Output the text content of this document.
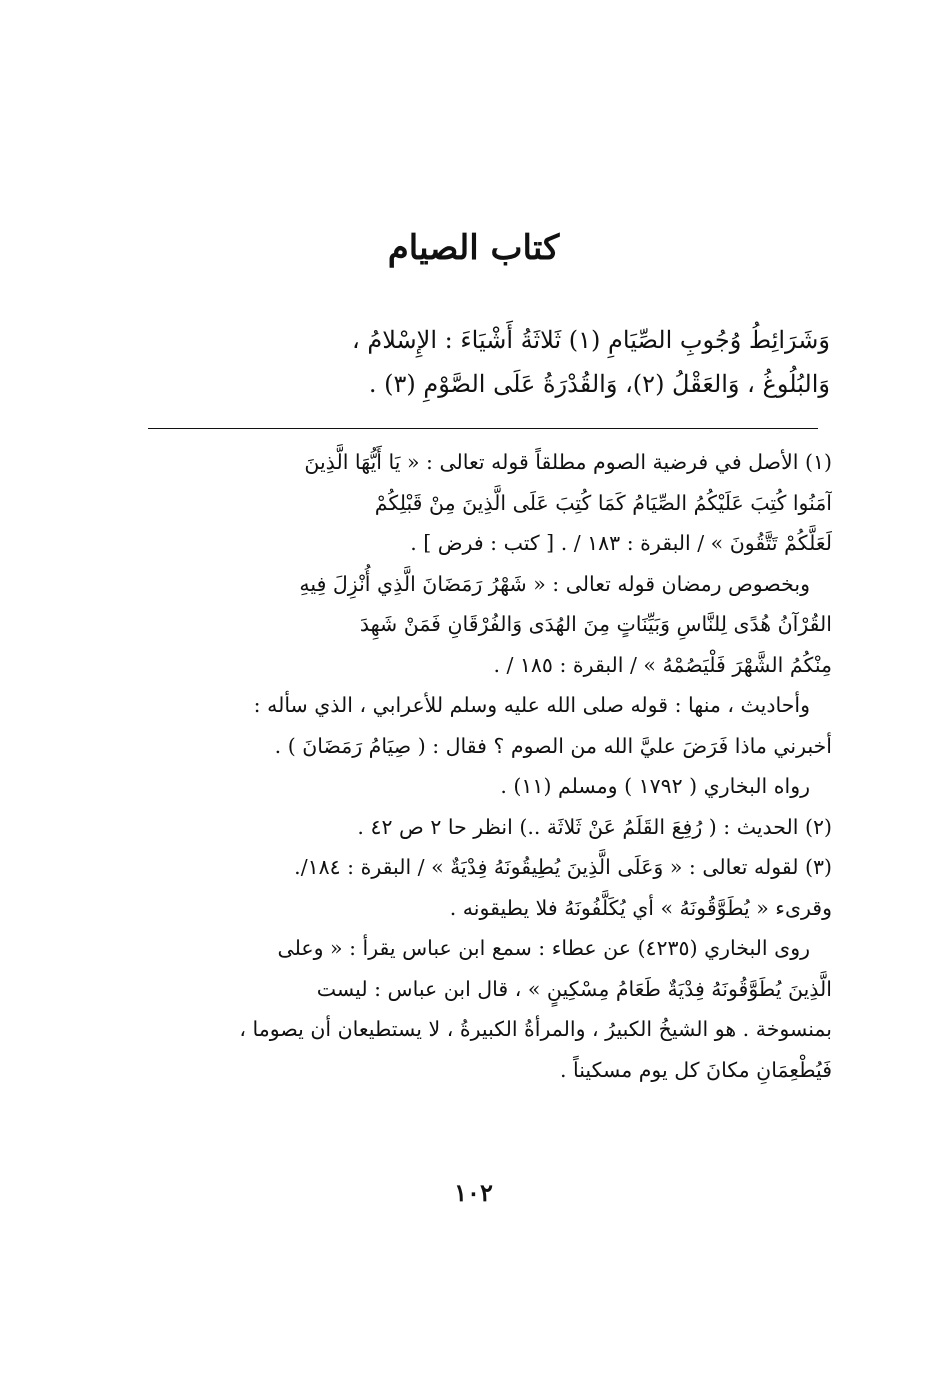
كتاب الصيام
وَشَرَائِطُ وُجُوبِ الصِّيَامِ (١) ثَلاثَةُ أَشْيَاءَ : الإِسْلامُ ،
وَالبُلُوغُ ، وَالعَقْلُ (٢)، وَالقُدْرَةُ عَلَى الصَّوْمِ (٣) .
(١) الأصل في فرضية الصوم مطلقاً قوله تعالى : « يَا أَيُّهَا الَّذِينَ
آمَنُوا كُتِبَ عَلَيْكُمُ الصِّيَامُ كَمَا كُتِبَ عَلَى الَّذِينَ مِنْ قَبْلِكُمْ
لَعَلَّكُمْ تَتَّقُونَ » / البقرة : ١٨٣ / . [ كتب : فرض ] .
وبخصوص رمضان قوله تعالى : « شَهْرُ رَمَضَانَ الَّذِي أُنْزِلَ فِيهِ
القُرْآنُ هُدًى لِلنَّاسِ وَبَيِّنَاتٍ مِنَ الهُدَى وَالفُرْقَانِ فَمَنْ شَهِدَ
مِنْكُمُ الشَّهْرَ فَلْيَصُمْهُ » / البقرة : ١٨٥ / .
وأحاديث ، منها : قوله صلى الله عليه وسلم للأعرابي ، الذي سأله :
أخبرني ماذا فَرَضَ عليَّ الله من الصوم ؟ فقال : ( صِيَامُ رَمَضَانَ ) .
رواه البخاري ( ١٧٩٢ ) ومسلم (١١) .
(٢) الحديث : ( رُفِعَ القَلَمُ عَنْ ثَلاثَة ..) انظر حا ٢ ص ٤٢ .
(٣) لقوله تعالى : « وَعَلَى الَّذِينَ يُطِيقُونَهُ فِدْيَةٌ » / البقرة : ١٨٤/.
وقرىء « يُطَوَّقُونَهُ » أي يُكَلَّفُونَهُ فلا يطيقونه .
روى البخاري (٤٢٣٥) عن عطاء : سمع ابن عباس يقرأ : « وعلى
الَّذِينَ يُطَوَّقُونَهُ فِدْيَةٌ طَعَامُ مِسْكِينٍ » ، قال ابن عباس : ليست
بمنسوخة . هو الشيخُ الكبيرُ ، والمرأةُ الكبيرةُ ، لا يستطيعان أن يصوما ،
فَيُطْعِمَانِ مكانَ كل يوم مسكيناً .
١٠٢
